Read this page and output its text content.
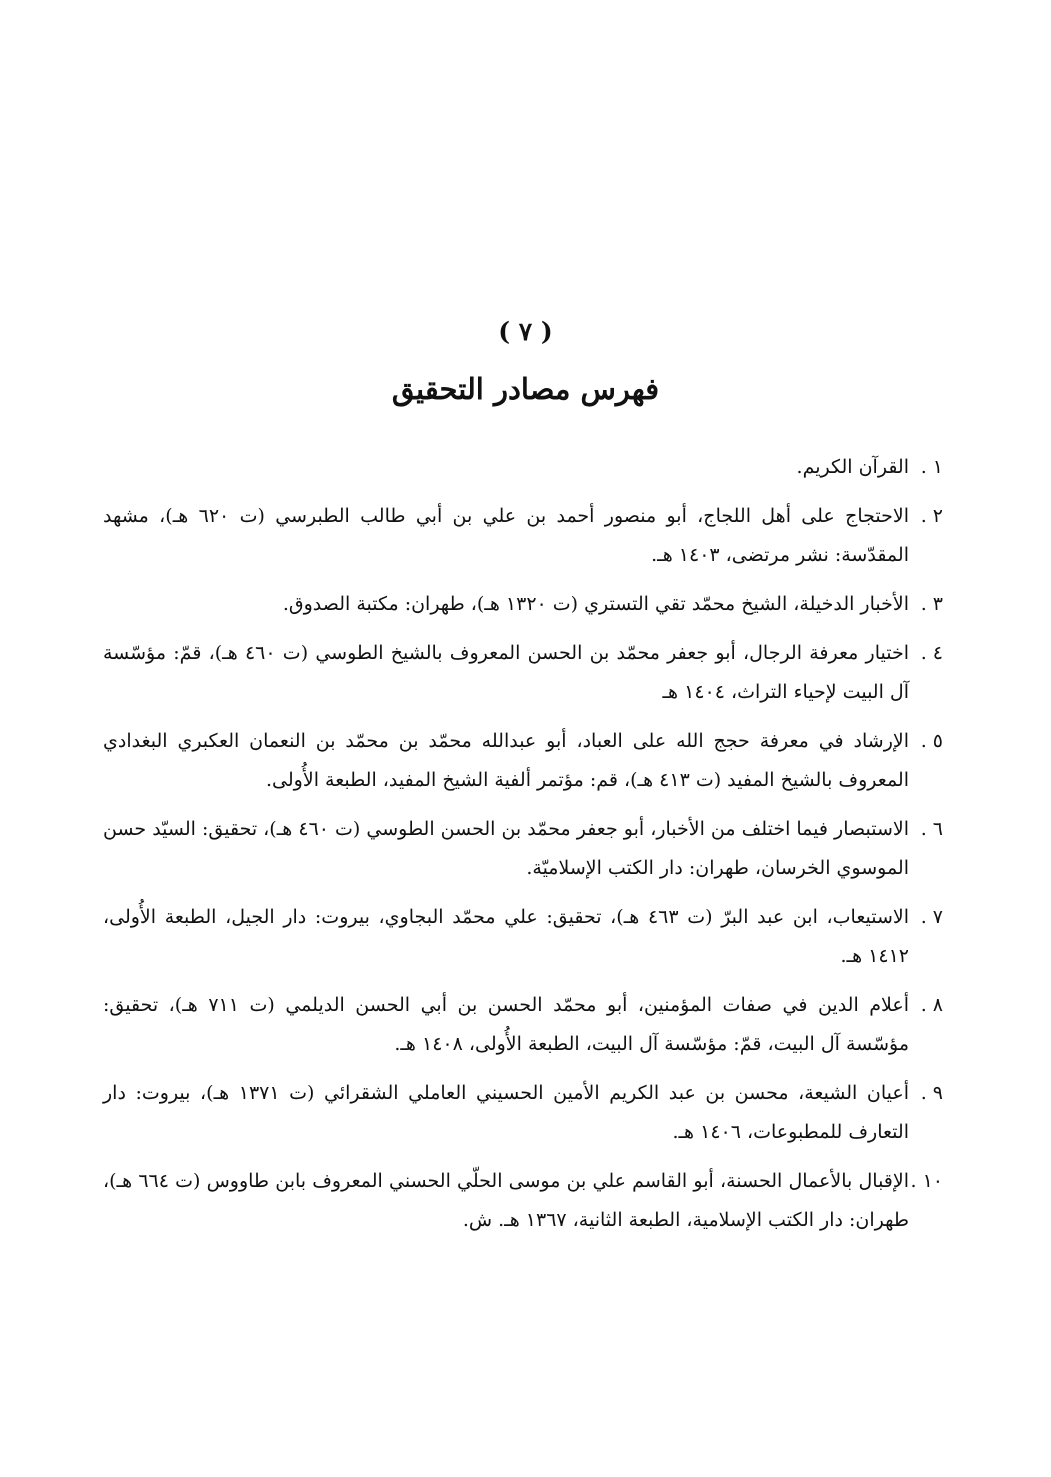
( ٧ )
فهرس مصادر التحقيق
١ .
القرآن الكريم.
٢ .
الاحتجاج على أهل اللجاج، أبو منصور أحمد بن علي بن أبي طالب الطبرسي (ت ٦٢٠ هـ)، مشهد المقدّسة: نشر مرتضى، ١٤٠٣ هـ.
٣ .
الأخبار الدخيلة، الشيخ محمّد تقي التستري (ت ١٣٢٠ هـ)، طهران: مكتبة الصدوق.
٤ .
اختيار معرفة الرجال، أبو جعفر محمّد بن الحسن المعروف بالشيخ الطوسي (ت ٤٦٠ هـ)، قمّ: مؤسّسة آل البيت لإحياء التراث، ١٤٠٤ هـ
٥ .
الإرشاد في معرفة حجج الله على العباد، أبو عبدالله محمّد بن محمّد بن النعمان العكبري البغدادي المعروف بالشيخ المفيد (ت ٤١٣ هـ)، قم: مؤتمر ألفية الشيخ المفيد، الطبعة الأُولى.
٦ .
الاستبصار فيما اختلف من الأخبار، أبو جعفر محمّد بن الحسن الطوسي (ت ٤٦٠ هـ)، تحقيق: السيّد حسن الموسوي الخرسان، طهران: دار الكتب الإسلاميّة.
٧ .
الاستيعاب، ابن عبد البرّ (ت ٤٦٣ هـ)، تحقيق: علي محمّد البجاوي، بيروت: دار الجيل، الطبعة الأُولى، ١٤١٢ هـ.
٨ .
أعلام الدين في صفات المؤمنين، أبو محمّد الحسن بن أبي الحسن الديلمي (ت ٧١١ هـ)، تحقيق: مؤسّسة آل البيت، قمّ: مؤسّسة آل البيت، الطبعة الأُولى، ١٤٠٨ هـ.
٩ .
أعيان الشيعة، محسن بن عبد الكريم الأمين الحسيني العاملي الشقرائي (ت ١٣٧١ هـ)، بيروت: دار التعارف للمطبوعات، ١٤٠٦ هـ.
١٠ .
الإقبال بالأعمال الحسنة، أبو القاسم علي بن موسى الحلّي الحسني المعروف بابن طاووس (ت ٦٦٤ هـ)، طهران: دار الكتب الإسلامية، الطبعة الثانية، ١٣٦٧ هـ. ش.
